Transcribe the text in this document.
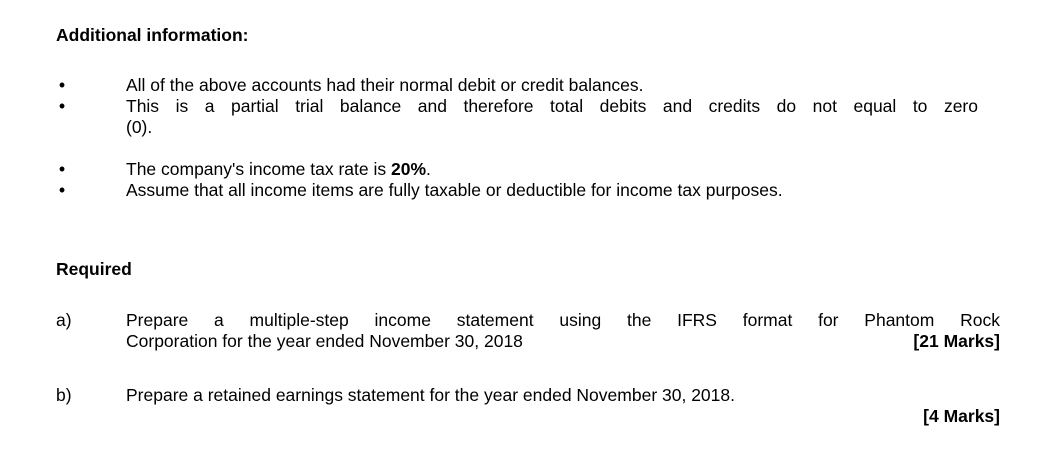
Additional information:
•	All of the above accounts had their normal debit or credit balances.
•	This is a partial trial balance and therefore total debits and credits do not equal to zero
(0).
•	The company's income tax rate is 20%.
•	Assume that all income items are fully taxable or deductible for income tax purposes.
Required
a)	Prepare a multiple-step income statement using the IFRS format for Phantom Rock
Corporation for the year ended November 30, 2018	[21 Marks]
b)	Prepare a retained earnings statement for the year ended November 30, 2018.
[4 Marks]
